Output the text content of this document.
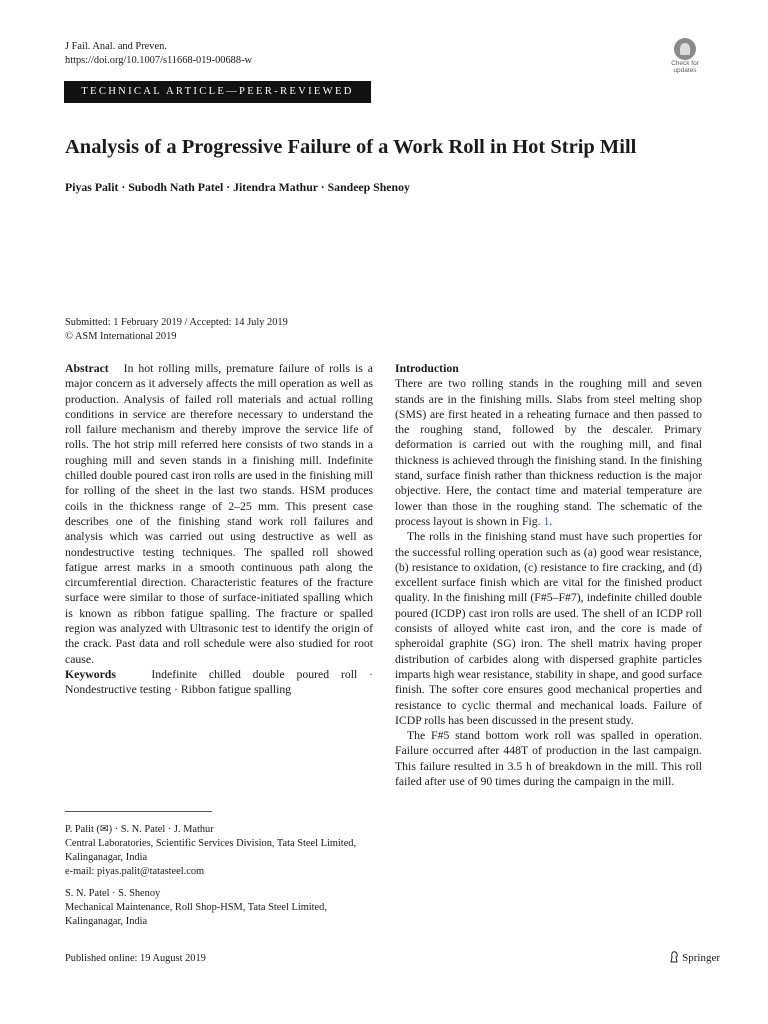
J Fail. Anal. and Preven.
https://doi.org/10.1007/s11668-019-00688-w	Check for
updates
TECHNICAL ARTICLE—PEER-REVIEWED
Analysis of a Progressive Failure of a Work Roll in Hot Strip Mill
Piyas Palit · Subodh Nath Patel · Jitendra Mathur · Sandeep Shenoy
Submitted: 1 February 2019 / Accepted: 14 July 2019
© ASM International 2019

Abstract In hot rolling mills, premature failure of rolls is a major concern as it adversely affects the mill operation as well as production. Analysis of failed roll materials and actual rolling conditions in service are therefore necessary to understand the roll failure mechanism and thereby improve the service life of rolls. The hot strip mill referred here consists of two stands in a roughing mill and seven stands in a finishing mill. Indefinite chilled double poured cast iron rolls are used in the finishing mill for rolling of the sheet in the last two stands. HSM produces coils in the thickness range of 2–25 mm. This present case describes one of the finishing stand work roll failures and analysis which was carried out using destructive as well as nondestructive testing techniques. The spalled roll showed fatigue arrest marks in a smooth continuous path along the circumferential direction. Characteristic features of the fracture surface were similar to those of surface-initiated spalling which is known as ribbon fatigue spalling. The fracture or spalled region was analyzed with Ultrasonic test to identify the origin of the crack. Past data and roll schedule were also studied for root cause.

Keywords	Indefinite chilled double poured roll · Nondestructive testing · Ribbon fatigue spalling

P. Palit (✉) · S. N. Patel · J. Mathur
Central Laboratories, Scientific Services Division, Tata Steel Limited, Kalinganagar, India
e-mail: piyas.palit@tatasteel.com
S. N. Patel · S. Shenoy
Mechanical Maintenance, Roll Shop-HSM, Tata Steel Limited, Kalinganagar, India

Introduction

There are two rolling stands in the roughing mill and seven stands are in the finishing mills. Slabs from steel melting shop (SMS) are first heated in a reheating furnace and then passed to the roughing stand, followed by the descaler. Primary deformation is carried out with the roughing mill, and final thickness is achieved through the finishing stand. In the finishing stand, surface finish rather than thickness reduction is the major objective. Here, the contact time and material temperature are lower than those in the roughing stand. The schematic of the process layout is shown in Fig. 1.

The rolls in the finishing stand must have such properties for the successful rolling operation such as (a) good wear resistance, (b) resistance to oxidation, (c) resistance to fire cracking, and (d) excellent surface finish which are vital for the finished product quality. In the finishing mill (F#5–F#7), indefinite chilled double poured (ICDP) cast iron rolls are used. The shell of an ICDP roll consists of alloyed white cast iron, and the core is made of spheroidal graphite (SG) iron. The shell matrix having proper distribution of carbides along with dispersed graphite particles imparts high wear resistance, stability in shape, and good surface finish. The softer core ensures good mechanical properties and resistance to cyclic thermal and mechanical loads. Failure of ICDP rolls has been discussed in the present study.

The F#5 stand bottom work roll was spalled in operation. Failure occurred after 448T of production in the last campaign. This failure resulted in 3.5 h of breakdown in the mill. This roll failed after use of 90 times during the campaign in the mill.

Published online: 19 August 2019	Springer
